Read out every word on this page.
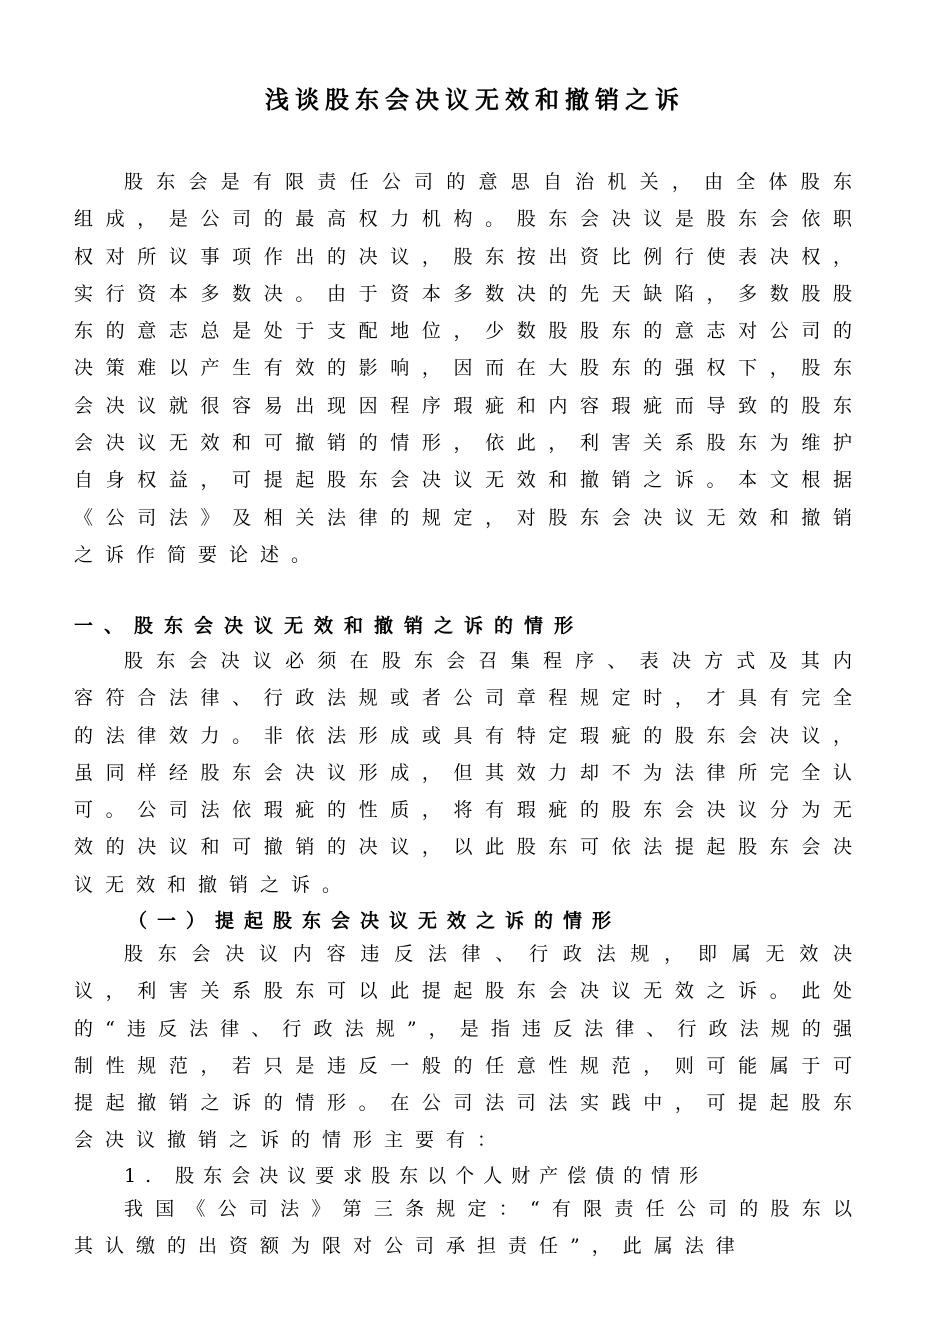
浅谈股东会决议无效和撤销之诉

股东会是有限责任公司的意思自治机关，由全体股东组成，是公司的最高权力机构。股东会决议是股东会依职权对所议事项作出的决议，股东按出资比例行使表决权，实行资本多数决。由于资本多数决的先天缺陷，多数股股东的意志总是处于支配地位，少数股股东的意志对公司的决策难以产生有效的影响，因而在大股东的强权下，股东会决议就很容易出现因程序瑕疵和内容瑕疵而导致的股东会决议无效和可撤销的情形，依此，利害关系股东为维护自身权益，可提起股东会决议无效和撤销之诉。本文根据《公司法》及相关法律的规定，对股东会决议无效和撤销之诉作简要论述。

一、股东会决议无效和撤销之诉的情形

股东会决议必须在股东会召集程序、表决方式及其内容符合法律、行政法规或者公司章程规定时，才具有完全的法律效力。非依法形成或具有特定瑕疵的股东会决议，虽同样经股东会决议形成，但其效力却不为法律所完全认可。公司法依瑕疵的性质，将有瑕疵的股东会决议分为无效的决议和可撤销的决议，以此股东可依法提起股东会决议无效和撤销之诉。

（一）提起股东会决议无效之诉的情形

股东会决议内容违反法律、行政法规，即属无效决议，利害关系股东可以此提起股东会决议无效之诉。此处的“违反法律、行政法规”，是指违反法律、行政法规的强制性规范，若只是违反一般的任意性规范，则可能属于可提起撤销之诉的情形。在公司法司法实践中，可提起股东会决议撤销之诉的情形主要有：

1. 股东会决议要求股东以个人财产偿债的情形

我国《公司法》第三条规定：“有限责任公司的股东以其认缴的出资额为限对公司承担责任”，此属法律
